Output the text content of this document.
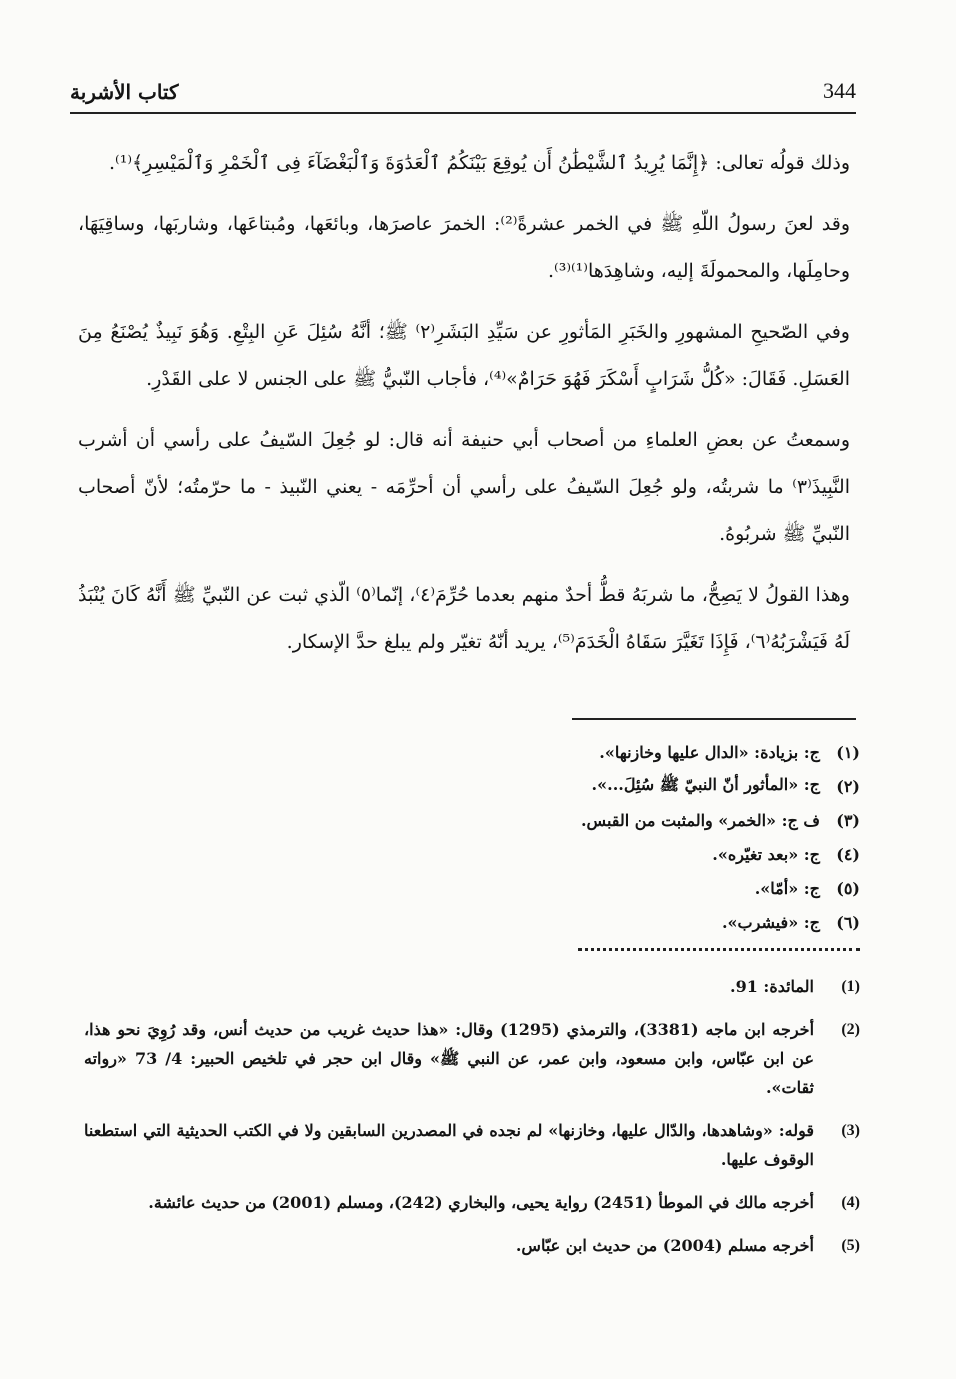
344
كتاب الأشربة

وذلك قولُه تعالى: ﴿إِنَّمَا يُرِيدُ ٱلشَّيْطَٰنُ أَن يُوقِعَ بَيْنَكُمُ ٱلْعَدَٰوَةَ وَٱلْبَغْضَآءَ فِى ٱلْخَمْرِ وَٱلْمَيْسِرِ﴾⁽¹⁾.

وقد لعنَ رسولُ اللّهِ ﷺ في الخمر عشرةً⁽²⁾: الخمرَ عاصرَها، وبائعَها، ومُبتاعَها، وشاربَها، وساقِيَهَا، وحامِلَها، والمحمولَةَ إليه، وشاهِدَها⁽¹⁾⁽³⁾.

وفي الصّحيحِ المشهورِ والخَبَرِ المَأثورِ عن سَيِّدِ البَشَرِ⁽٢⁾ ﷺ؛ أنَّهُ سُئِلَ عَنِ البِتْعِ. وَهُوَ نَبِيذٌ يُصْنَعُ مِنَ العَسَلِ. فَقَالَ: «كُلُّ شَرَابٍ أَسْكَرَ فَهُوَ حَرَامٌ»⁽⁴⁾، فأجاب النّبيُّ ﷺ على الجنس لا على القَدْرِ.

وسمعتُ عن بعضِ العلماءِ من أصحاب أبي حنيفة أنه قال: لو جُعِلَ السّيفُ على رأسي أن أشرب النَّبِيذَ⁽٣⁾ ما شربتُه، ولو جُعِلَ السّيفُ على رأسي أن أحرِّمَه - يعني النّبيذ - ما حرّمتُه؛ لأنّ أصحاب النّبيِّ ﷺ شربُوهُ.

وهذا القولُ لا يَصِحُّ، ما شربَهُ قطُّ أحدٌ منهم بعدما حُرِّمَ⁽٤⁾، إنّما⁽٥⁾ الّذي ثبت عن النّبيِّ ﷺ أَنَّهُ كَانَ يُنْبَذُ لَهُ فَيَشْرَبُهُ⁽٦⁾، فَإِذَا تَغَيَّرَ سَقَاهُ الْخَدَمَ⁽⁵⁾، يريد أنّهُ تغيّر ولم يبلغ حدَّ الإسكار.

(١)
ج: بزيادة: «الدال عليها وخازنها».
(٢)
ج: «المأثور أنّ النبيّ ﷺ سُئِلَ...».
(٣)
ف ج: «الخمر» والمثبت من القبس.
(٤)
ج: «بعد تغيّره».
(٥)
ج: «أمّا».
(٦)
ج: «فيشرب».
(1)
المائدة: 91.
(2)
أخرجه ابن ماجه (3381)، والترمذي (1295) وقال: «هذا حديث غريب من حديث أنس، وقد رُوِيَ نحو هذا، عن ابن عبّاس، وابن مسعود، وابن عمر، عن النبي ﷺ» وقال ابن حجر في تلخيص الحبير: 4/ 73 «رواته ثقات».
(3)
قوله: «وشاهدها، والدّال عليها، وخازنها» لم نجده في المصدرين السابقين ولا في الكتب الحديثية التي استطعنا الوقوف عليها.
(4)
أخرجه مالك في الموطأ (2451) رواية يحيى، والبخاري (242)، ومسلم (2001) من حديث عائشة.
(5)
أخرجه مسلم (2004) من حديث ابن عبّاس.
